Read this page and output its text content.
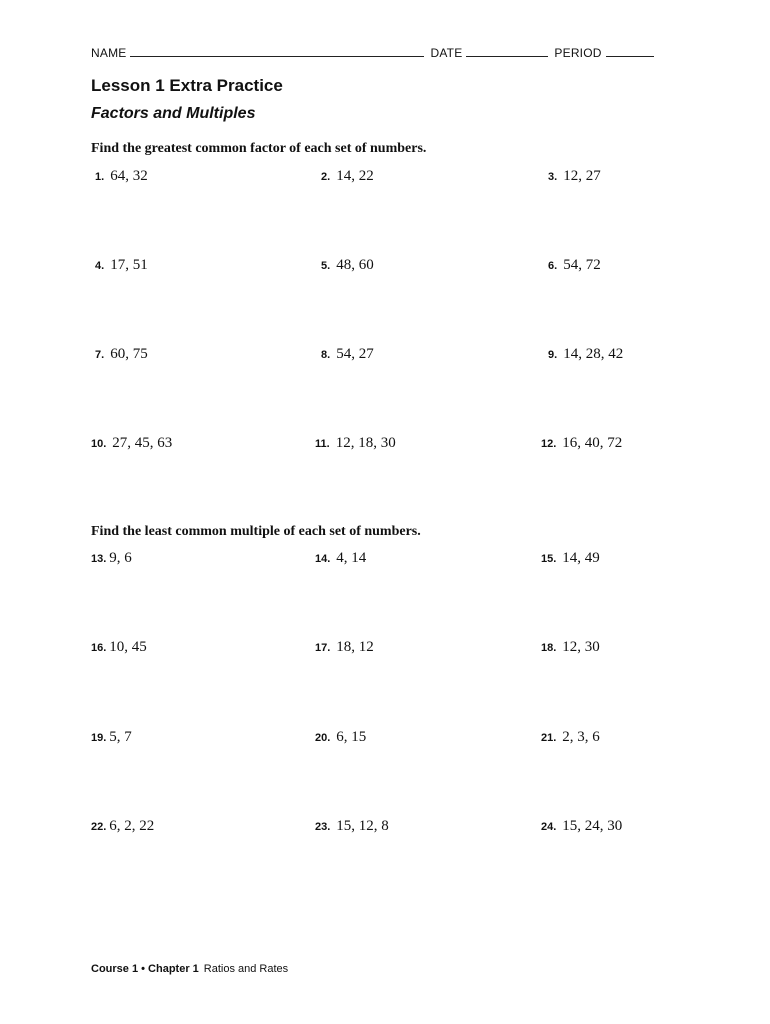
NAME	DATE	PERIOD
Lesson 1 Extra Practice
Factors and Multiples
Find the greatest common factor of each set of numbers.
1. 64, 32	2. 14, 22	3. 12, 27
4. 17, 51	5. 48, 60	6. 54, 72
7. 60, 75	8. 54, 27	9. 14, 28, 42
10. 27, 45, 63	11. 12, 18, 30	12. 16, 40, 72
Find the least common multiple of each set of numbers.
13. 9, 6	14. 4, 14	15. 14, 49
16. 10, 45	17. 18, 12	18. 12, 30
19. 5, 7	20. 6, 15	21. 2, 3, 6
22. 6, 2, 22	23. 15, 12, 8	24. 15, 24, 30
Course 1 • Chapter 1 Ratios and Rates
